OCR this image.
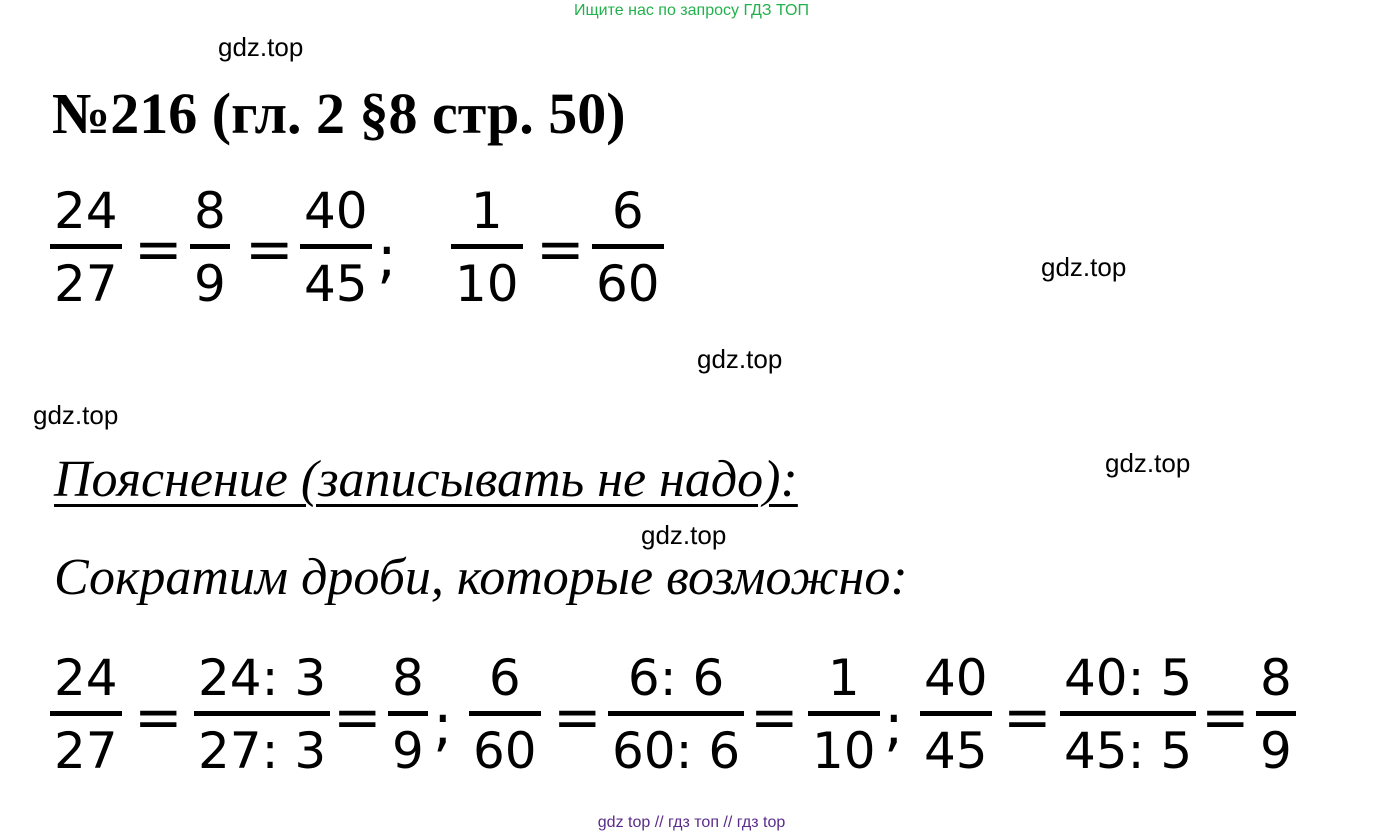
Ищите нас по запросу ГДЗ ТОП
gdz.top
gdz.top
gdz.top
gdz.top
gdz.top
gdz.top
№216 (гл. 2 §8 стр. 50)
$\frac{24}{27} = \frac{8}{9} = \frac{40}{45}$ ; $\frac{1}{10} = \frac{6}{60}$
Пояснение (записывать не надо):
Сократим дроби, которые возможно:
$\frac{24}{27} = \frac{24: 3}{27: 3} = \frac{8}{9}$ ; $\frac{6}{60} = \frac{6: 6}{60: 6} = \frac{1}{10}$ ; $\frac{40}{45} = \frac{40: 5}{45: 5} = \frac{8}{9}$
gdz top // гдз топ // гдз top
